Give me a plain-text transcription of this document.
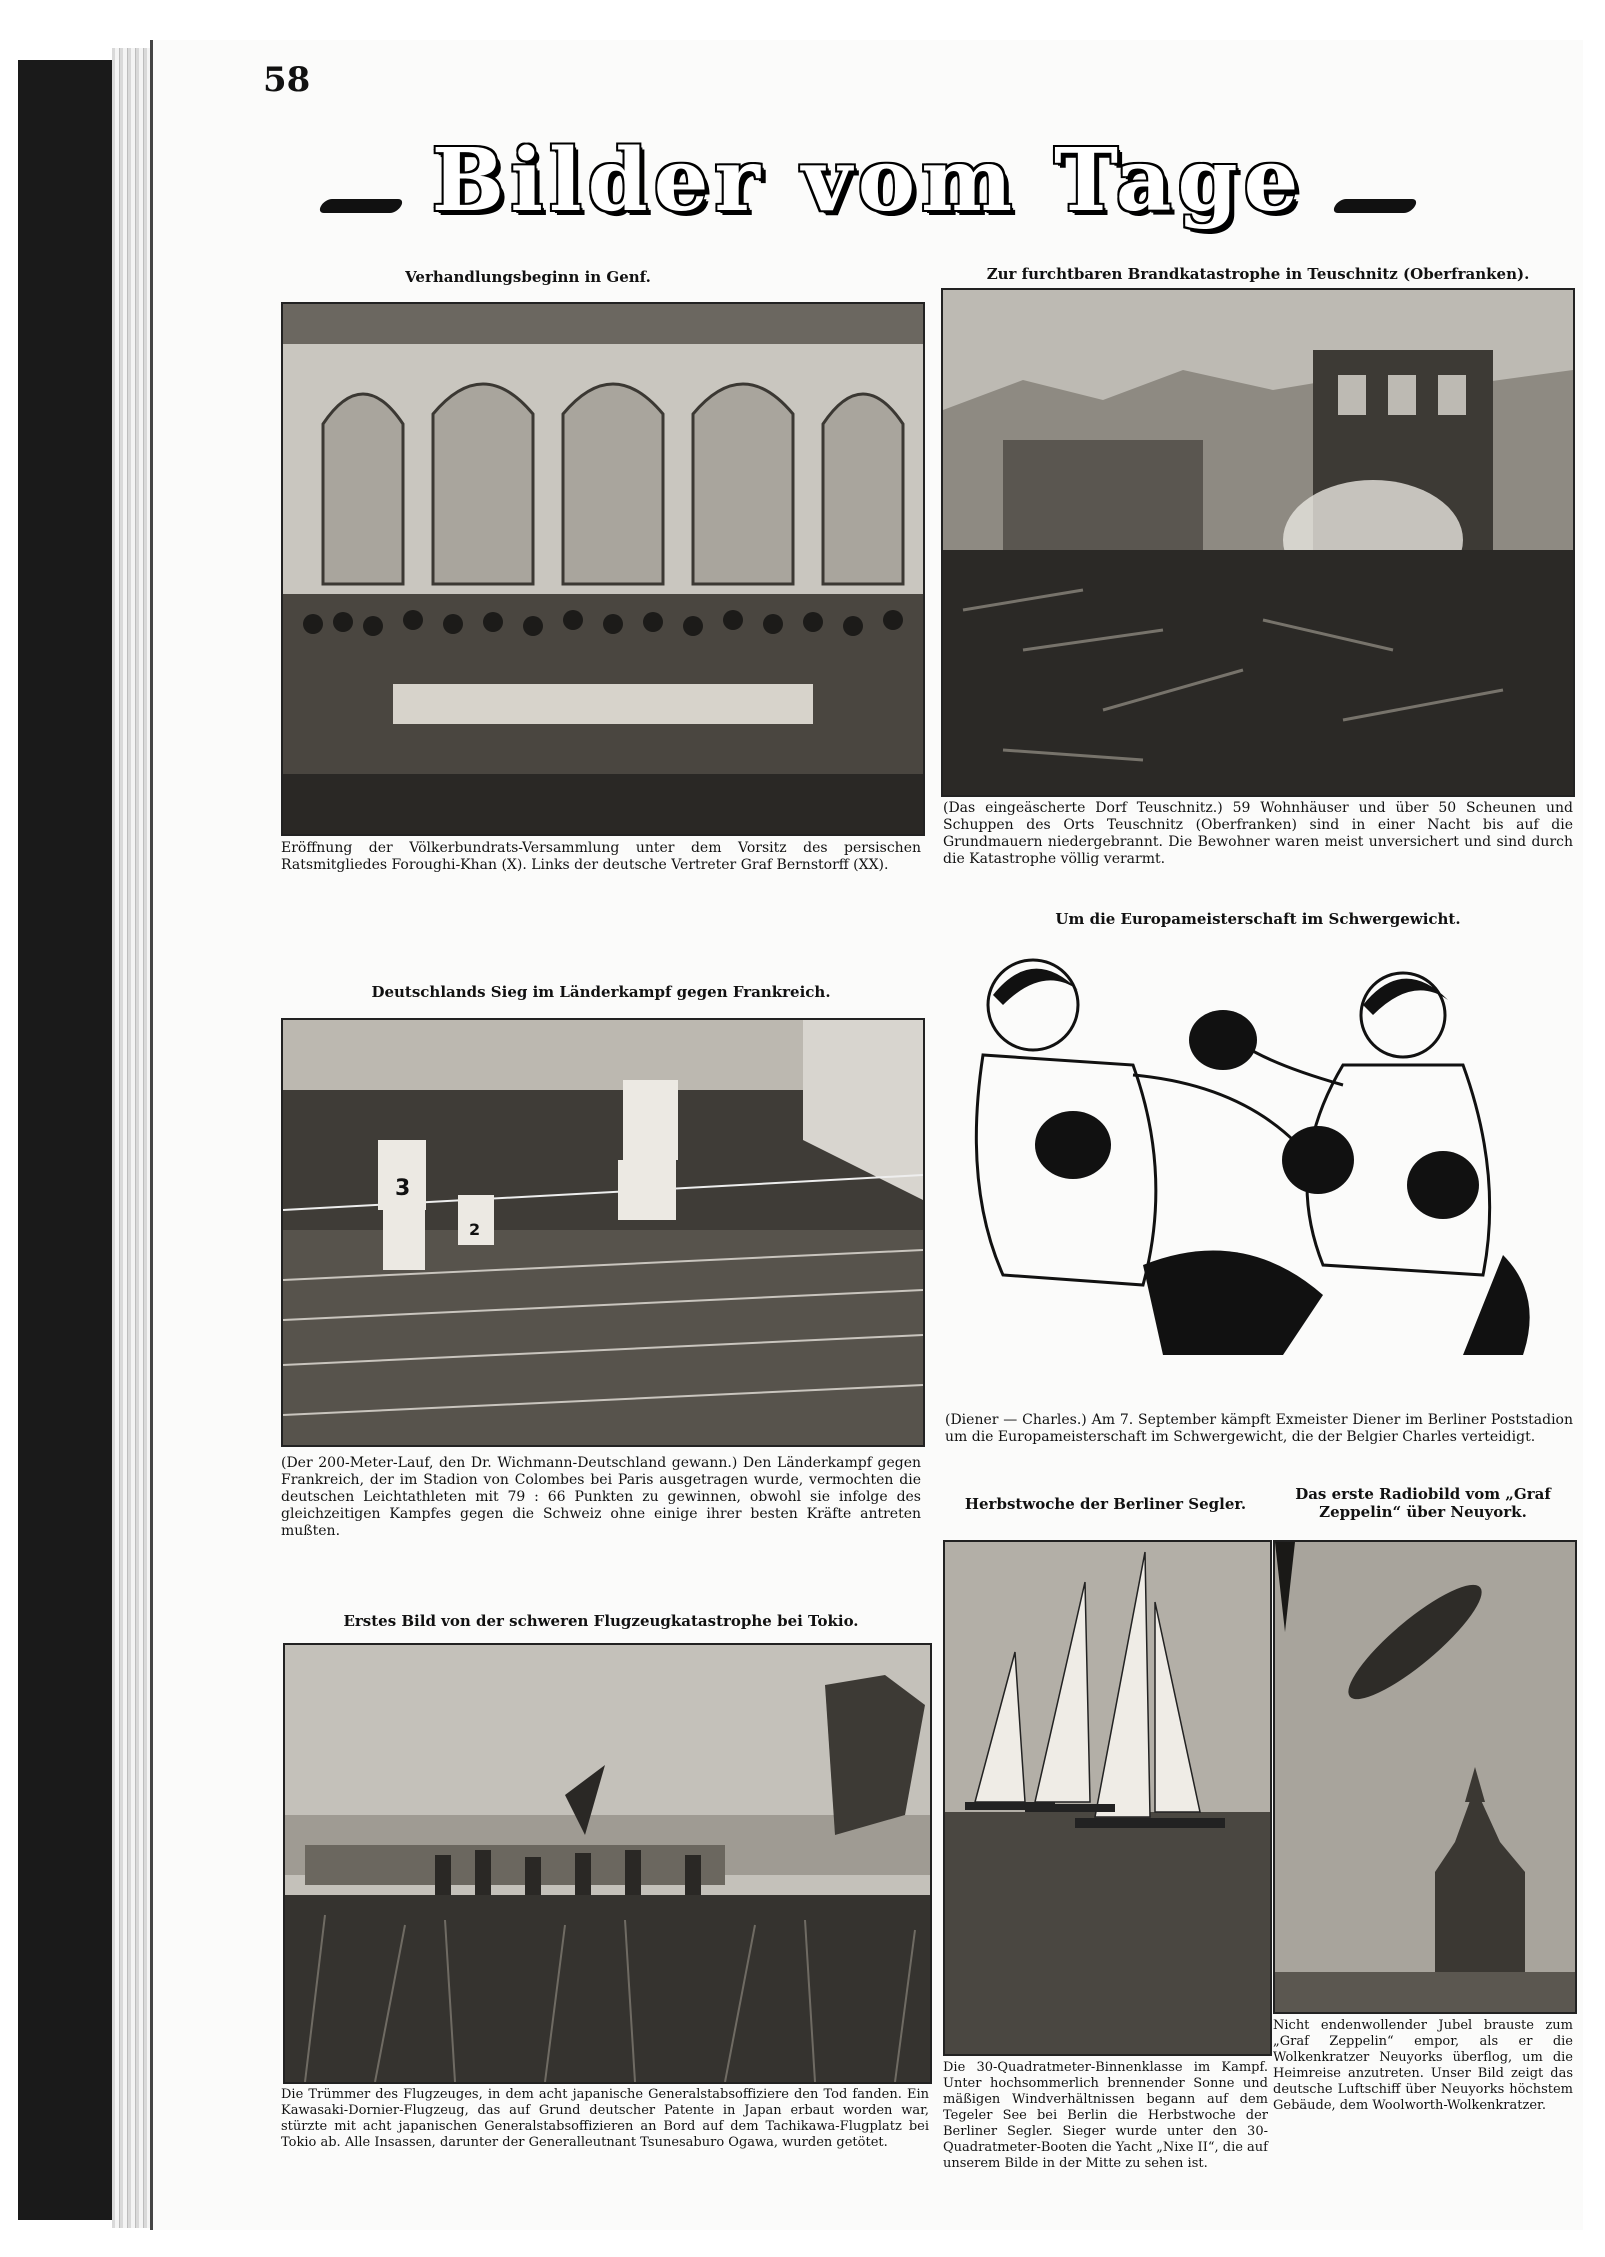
58
Bilder vom Tage
Verhandlungsbeginn in Genf.
Eröffnung der Völkerbundrats-Versammlung unter dem Vorsitz des persischen Ratsmitgliedes Foroughi-Khan (X). Links der deutsche Vertreter Graf Bernstorff (XX).
Zur furchtbaren Brandkatastrophe in Teuschnitz (Oberfranken).
(Das eingeäscherte Dorf Teuschnitz.) 59 Wohnhäuser und über 50 Scheunen und Schuppen des Orts Teuschnitz (Oberfranken) sind in einer Nacht bis auf die Grundmauern niedergebrannt. Die Bewohner waren meist unversichert und sind durch die Katastrophe völlig verarmt.
Deutschlands Sieg im Länderkampf gegen Frankreich.
3
2
(Der 200-Meter-Lauf, den Dr. Wichmann-Deutschland gewann.) Den Länderkampf gegen Frankreich, der im Stadion von Colombes bei Paris ausgetragen wurde, vermochten die deutschen Leichtathleten mit 79 : 66 Punkten zu gewinnen, obwohl sie infolge des gleichzeitigen Kampfes gegen die Schweiz ohne einige ihrer besten Kräfte antreten mußten.
Um die Europameisterschaft im Schwergewicht.
(Diener — Charles.) Am 7. September kämpft Exmeister Diener im Berliner Poststadion um die Europameisterschaft im Schwergewicht, die der Belgier Charles verteidigt.
Erstes Bild von der schweren Flugzeugkatastrophe bei Tokio.
Die Trümmer des Flugzeuges, in dem acht japanische Generalstabsoffiziere den Tod fanden. Ein Kawasaki-Dornier-Flugzeug, das auf Grund deutscher Patente in Japan erbaut worden war, stürzte mit acht japanischen Generalstabsoffizieren an Bord auf dem Tachikawa-Flugplatz bei Tokio ab. Alle Insassen, darunter der Generalleutnant Tsunesaburo Ogawa, wurden getötet.
Herbstwoche der Berliner Segler.
Die 30-Quadratmeter-Binnenklasse im Kampf. Unter hochsommerlich brennender Sonne und mäßigen Windverhältnissen begann auf dem Tegeler See bei Berlin die Herbstwoche der Berliner Segler. Sieger wurde unter den 30-Quadratmeter-Booten die Yacht „Nixe II“, die auf unserem Bilde in der Mitte zu sehen ist.
Das erste Radiobild vom „Graf Zeppelin“ über Neuyork.
Nicht endenwollender Jubel brauste zum „Graf Zeppelin“ empor, als er die Wolkenkratzer Neuyorks überflog, um die Heimreise anzutreten. Unser Bild zeigt das deutsche Luftschiff über Neuyorks höchstem Gebäude, dem Woolworth-Wolkenkratzer.
